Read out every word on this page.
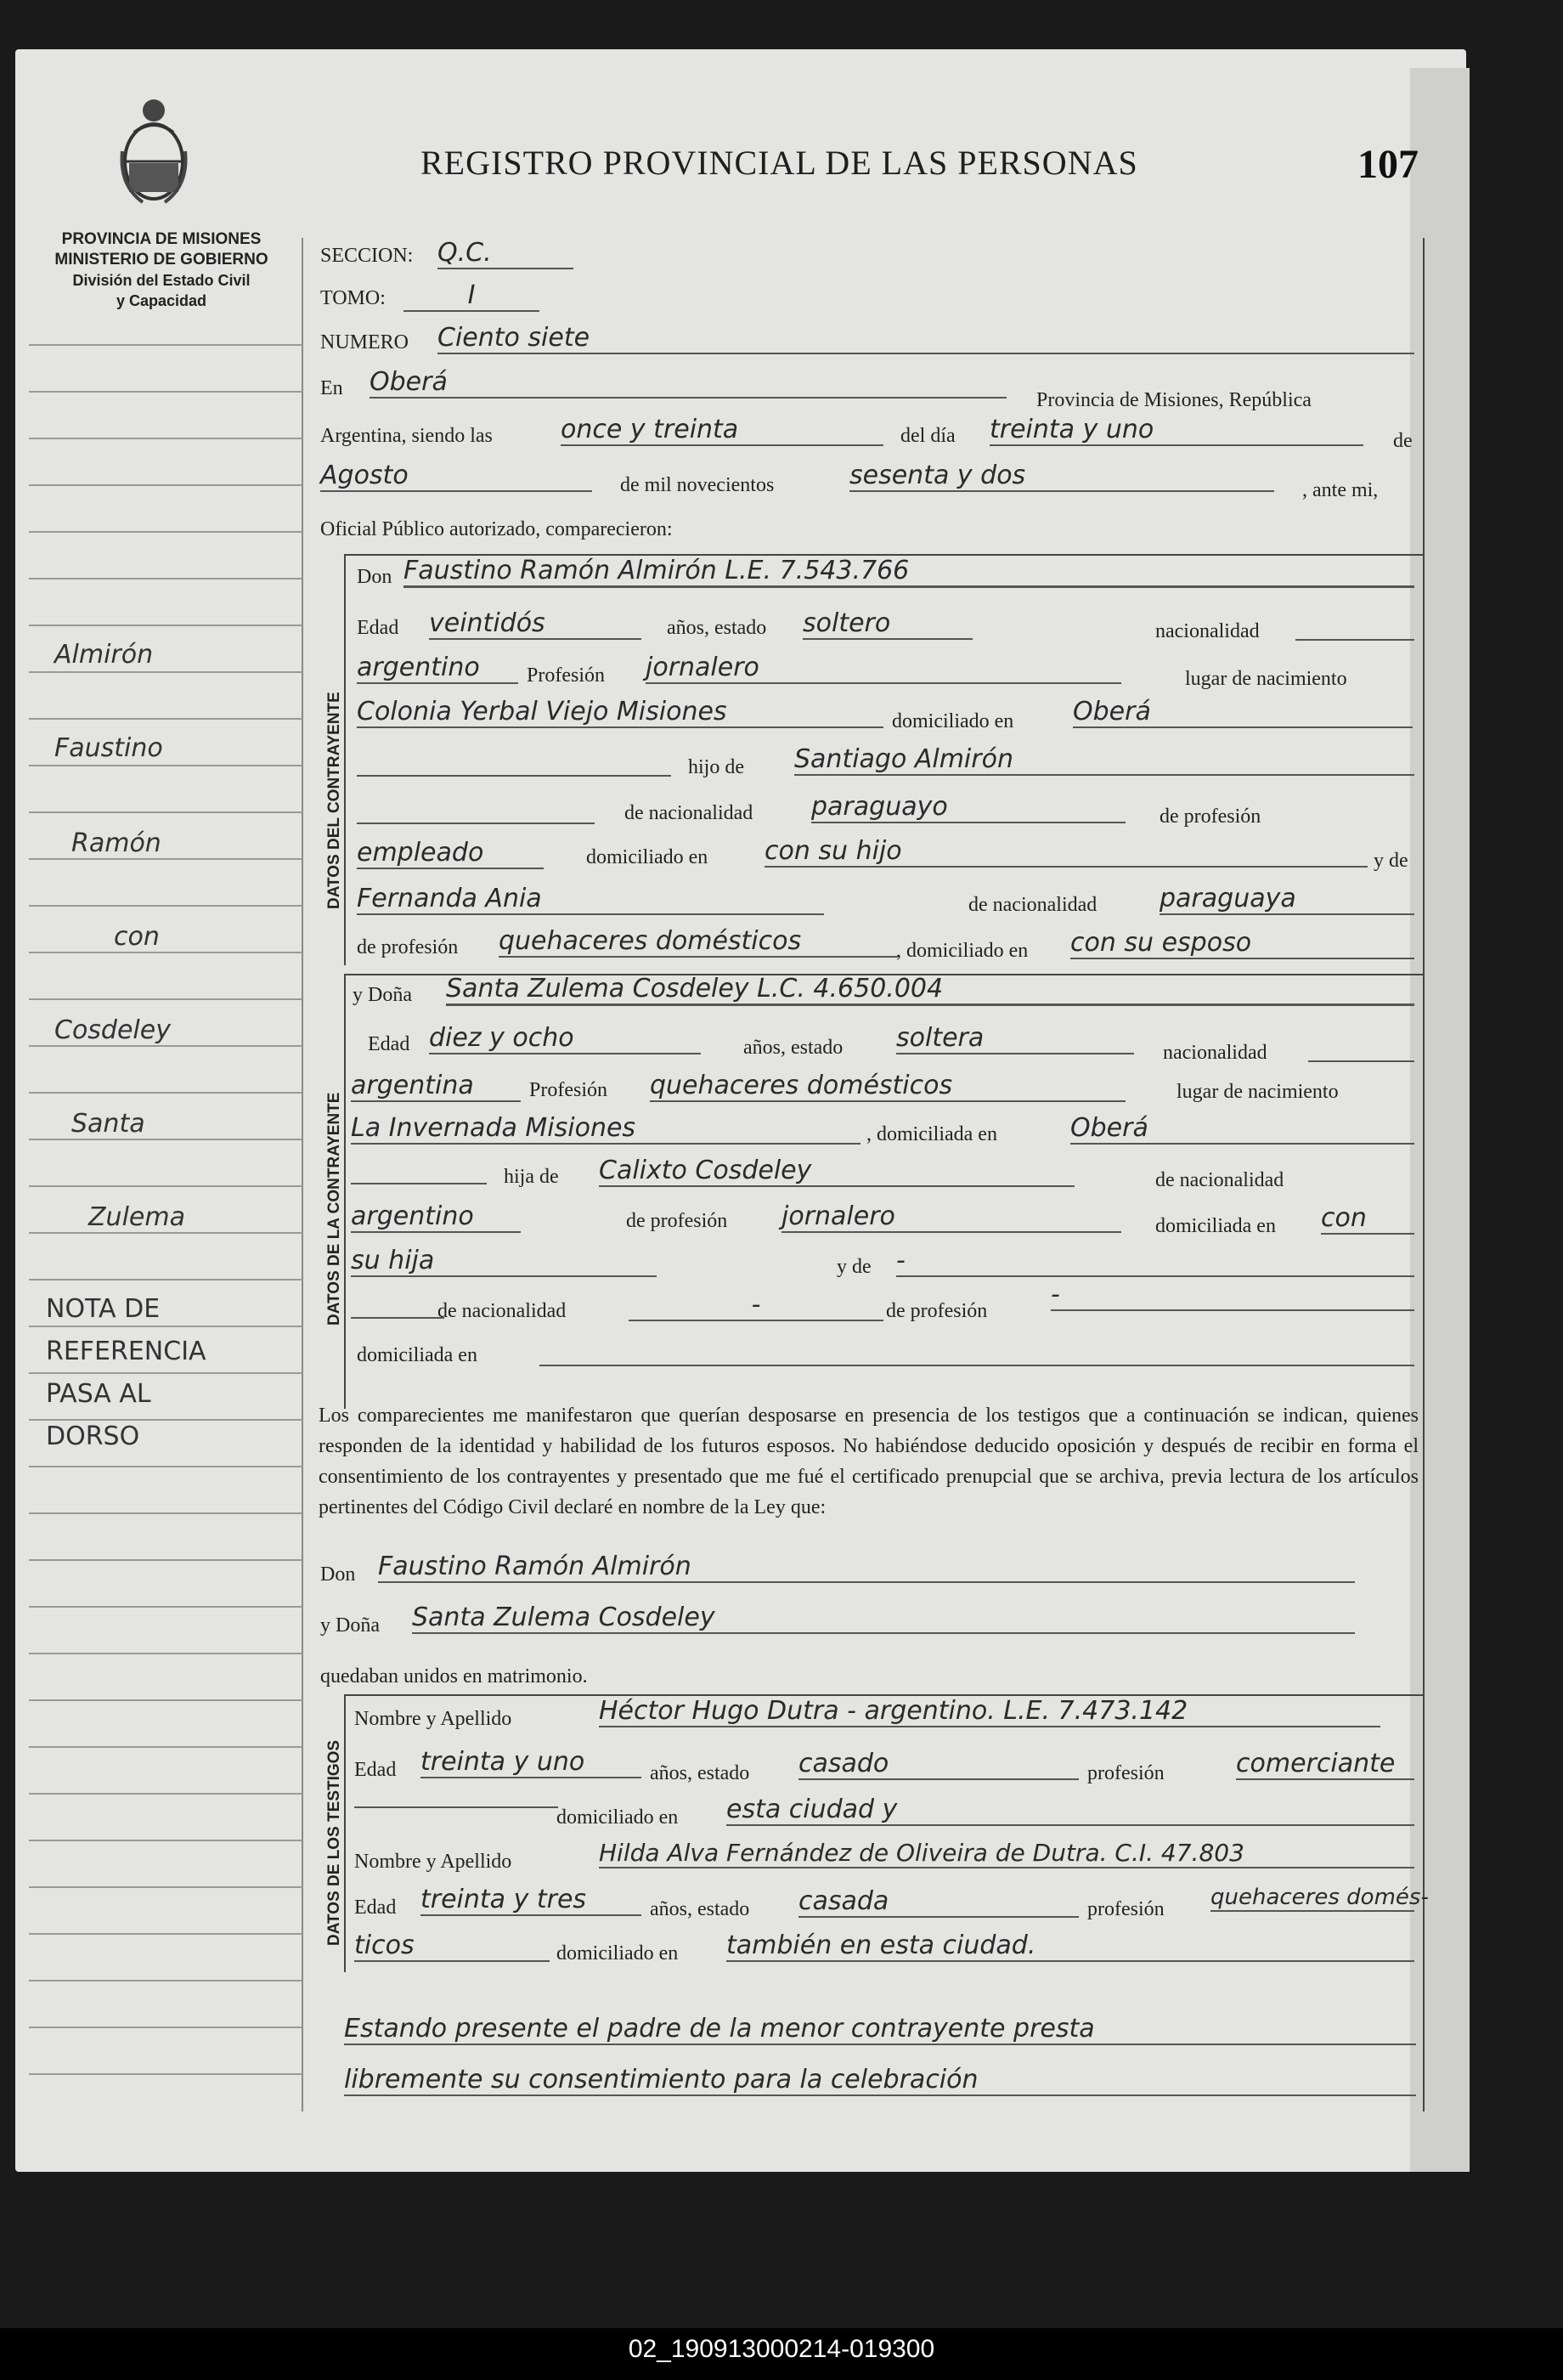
PROVINCIA DE MISIONES
MINISTERIO DE GOBIERNO
División del Estado Civil
y Capacidad
REGISTRO PROVINCIAL DE LAS PERSONAS	107
Almirón
Faustino
Ramón
con
Cosdeley
Santa
Zulema
NOTA DE
REFERENCIA
PASA AL
DORSO
SECCION: Q.C.
TOMO:	I
NUMERO Ciento siete
En Oberá
Provincia de Misiones, República
Argentina, siendo las	once y treinta	del día treinta y uno	de
Agosto	de mil novecientos	sesenta y dos	, ante mi,
Oficial Público autorizado, comparecieron:
DATOS DEL CONTRAYENTE
Don Faustino Ramón Almirón L.E. 7.543.766
Edad veintidós	años, estado soltero	nacionalidad
argentino	Profesión jornalero	lugar de nacimiento
Colonia Yerbal Viejo Misiones	domiciliado en Oberá
hijo de Santiago Almirón
de nacionalidad paraguayo	de profesión
empleado	domiciliado en con su hijo	y de
Fernanda Ania	de nacionalidad paraguaya
de profesión quehaceres domésticos	, domiciliado en con su esposo
DATOS DE LA CONTRAYENTE
y Doña Santa Zulema Cosdeley L.C. 4.650.004
Edad diez y ocho	años, estado soltera	nacionalidad
argentina	Profesión quehaceres domésticos	lugar de nacimiento
La Invernada Misiones	, domiciliada en	Oberá
hija de Calixto Cosdeley	de nacionalidad
argentino	de profesión jornalero	domiciliada en con
su hija	y de -
de nacionalidad	-	de profesión
-
domiciliada en
Los comparecientes me manifestaron que querían desposarse en presencia de los testigos que a continuación se indican, quienes responden de la identidad y habilidad de los futuros esposos. No habiéndose deducido oposición y después de recibir en forma el consentimiento de los contrayentes y presentado que me fué el certificado prenupcial que se archiva, previa lectura de los artículos pertinentes del Código Civil declaré en nombre de la Ley que:
Don Faustino Ramón Almirón
y Doña Santa Zulema Cosdeley
quedaban unidos en matrimonio.
DATOS DE LOS TESTIGOS
Nombre y Apellido	Héctor Hugo Dutra - argentino. L.E. 7.473.142
Edad treinta y uno	años, estado casado	profesión	comerciante
domiciliado en esta ciudad y
Nombre y Apellido	Hilda Alva Fernández de Oliveira de Dutra. C.I. 47.803
Edad treinta y tres	años, estado casada	profesión quehaceres domés-
ticos	domiciliado en también en esta ciudad.
Estando presente el padre de la menor contrayente presta
libremente su consentimiento para la celebración
02_190913000214-019300
